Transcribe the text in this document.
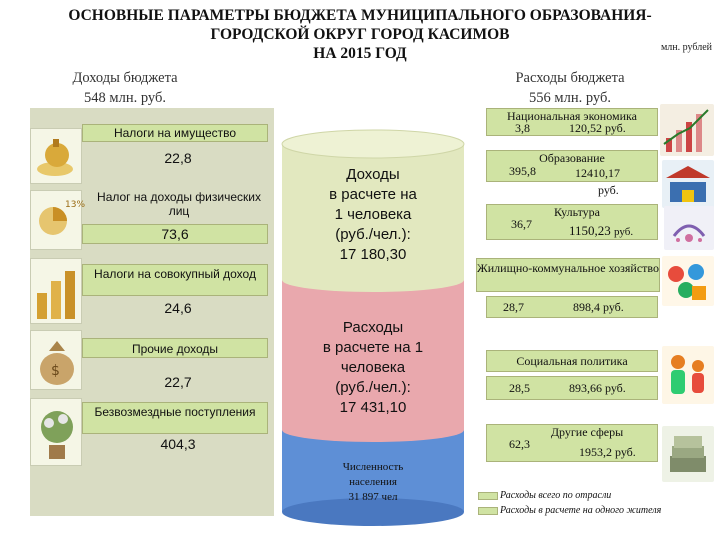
ОСНОВНЫЕ ПАРАМЕТРЫ БЮДЖЕТА МУНИЦИПАЛЬНОГО ОБРАЗОВАНИЯ-
ГОРОДСКОЙ ОКРУГ ГОРОД КАСИМОВ
НА 2015 ГОД	млн. рублей
Доходы бюджета
548 млн. руб.
Расходы бюджета
556 млн. руб.
Налоги на имущество
22,8
13%
Налог на доходы физических лиц
73,6
Налоги на совокупный доход
24,6
$
Прочие доходы
22,7
Безвозмездные поступления
404,3
Доходы
в расчете на
1 человека
(руб./чел.):
17 180,30
Расходы
в расчете на 1
человека
(руб./чел.):
17 431,10
Численность
населения
31 897 чел
Национальная экономика
3,8	120,52 руб.
Образование
395,8	12410,17
руб.
Культура
36,7	1150,23 руб.
Жилищно-коммунальное хозяйство
28,7	898,4 руб.
Социальная политика
28,5	893,66 руб.
Другие сферы
62,3
1953,2 руб.
Расходы всего по отрасли
Расходы в расчете на одного жителя
